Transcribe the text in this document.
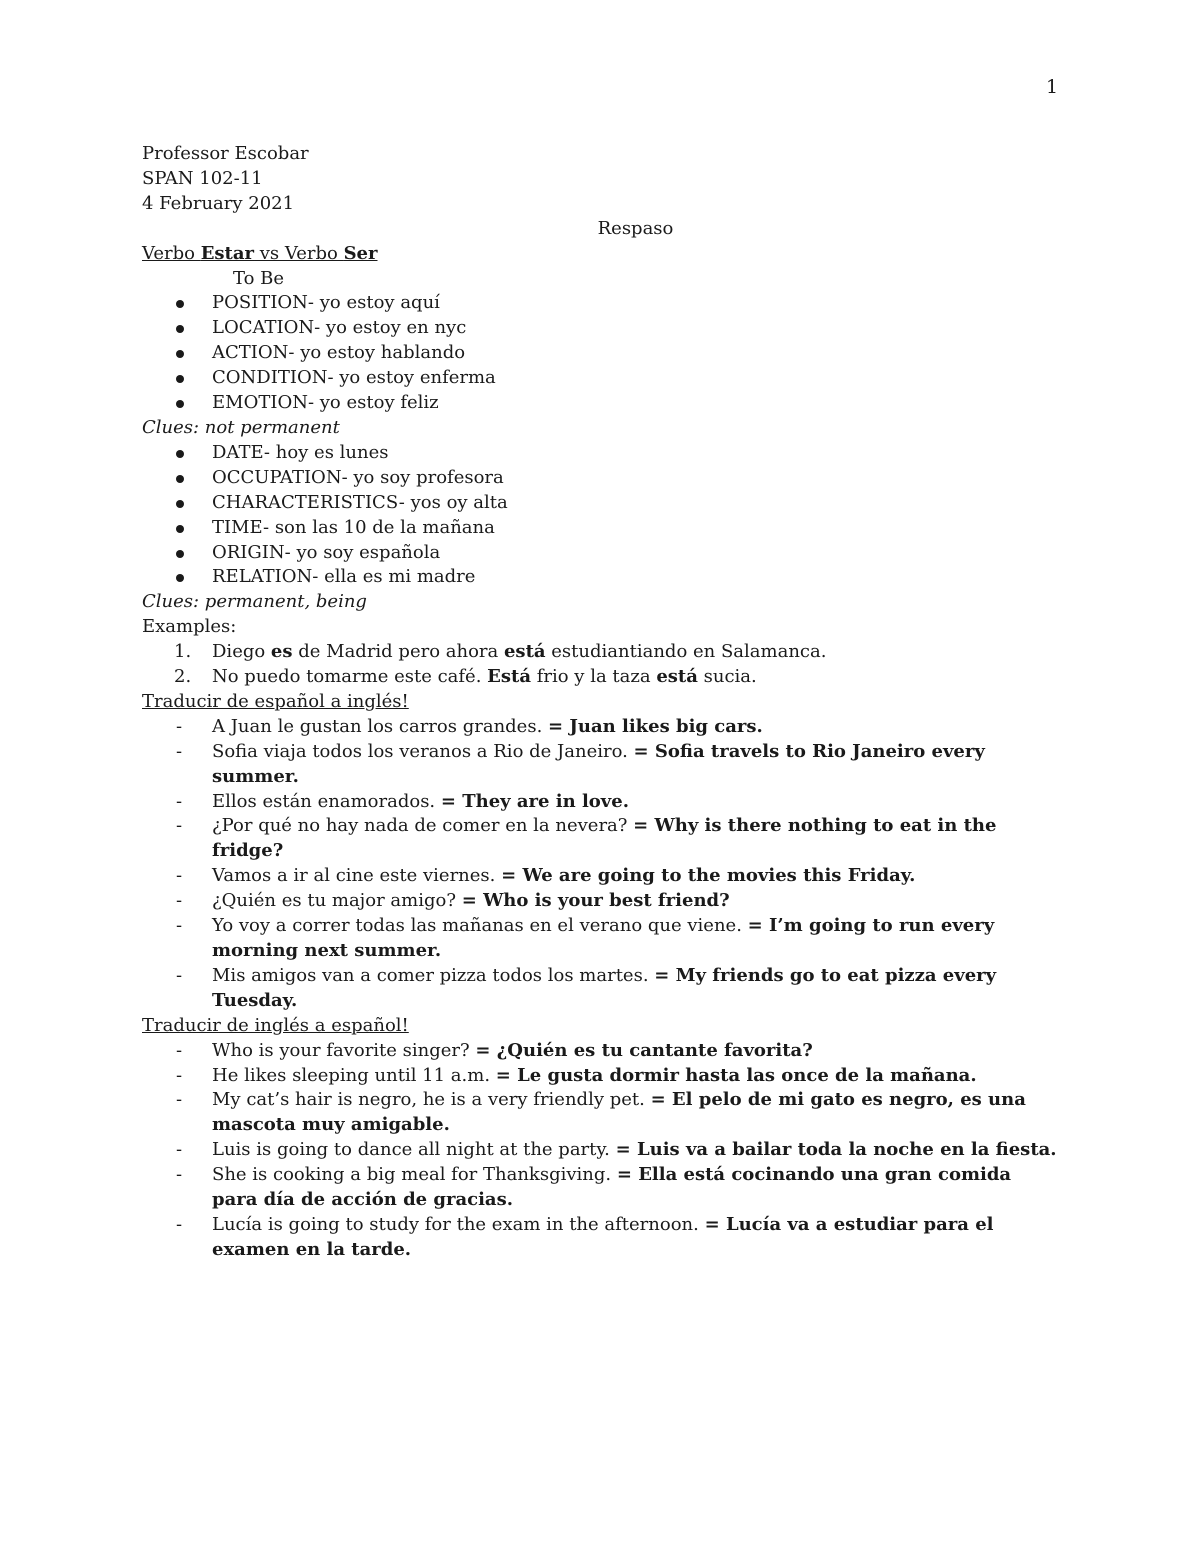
1
Professor Escobar
SPAN 102-11
4 February 2021
Respaso
Verbo Estar vs Verbo Ser
To Be
POSITION- yo estoy aquí
LOCATION- yo estoy en nyc
ACTION- yo estoy hablando
CONDITION- yo estoy enferma
EMOTION- yo estoy feliz
Clues: not permanent
DATE- hoy es lunes
OCCUPATION- yo soy profesora
CHARACTERISTICS- yos oy alta
TIME- son las 10 de la mañana
ORIGIN- yo soy española
RELATION- ella es mi madre
Clues: permanent, being
Examples:
1. Diego es de Madrid pero ahora está estudiantiando en Salamanca.
2. No puedo tomarme este café. Está frio y la taza está sucia.
Traducir de español a inglés!
- A Juan le gustan los carros grandes. = Juan likes big cars.
- Sofia viaja todos los veranos a Rio de Janeiro. = Sofia travels to Rio Janeiro every summer.
- Ellos están enamorados. = They are in love.
- ¿Por qué no hay nada de comer en la nevera? = Why is there nothing to eat in the fridge?
- Vamos a ir al cine este viernes. = We are going to the movies this Friday.
- ¿Quién es tu major amigo? = Who is your best friend?
- Yo voy a correr todas las mañanas en el verano que viene. = I’m going to run every morning next summer.
- Mis amigos van a comer pizza todos los martes. = My friends go to eat pizza every Tuesday.
Traducir de inglés a español!
- Who is your favorite singer? = ¿Quién es tu cantante favorita?
- He likes sleeping until 11 a.m. = Le gusta dormir hasta las once de la mañana.
- My cat’s hair is negro, he is a very friendly pet. = El pelo de mi gato es negro, es una mascota muy amigable.
- Luis is going to dance all night at the party. = Luis va a bailar toda la noche en la fiesta.
- She is cooking a big meal for Thanksgiving. = Ella está cocinando una gran comida para día de acción de gracias.
- Lucía is going to study for the exam in the afternoon. = Lucía va a estudiar para el examen en la tarde.
